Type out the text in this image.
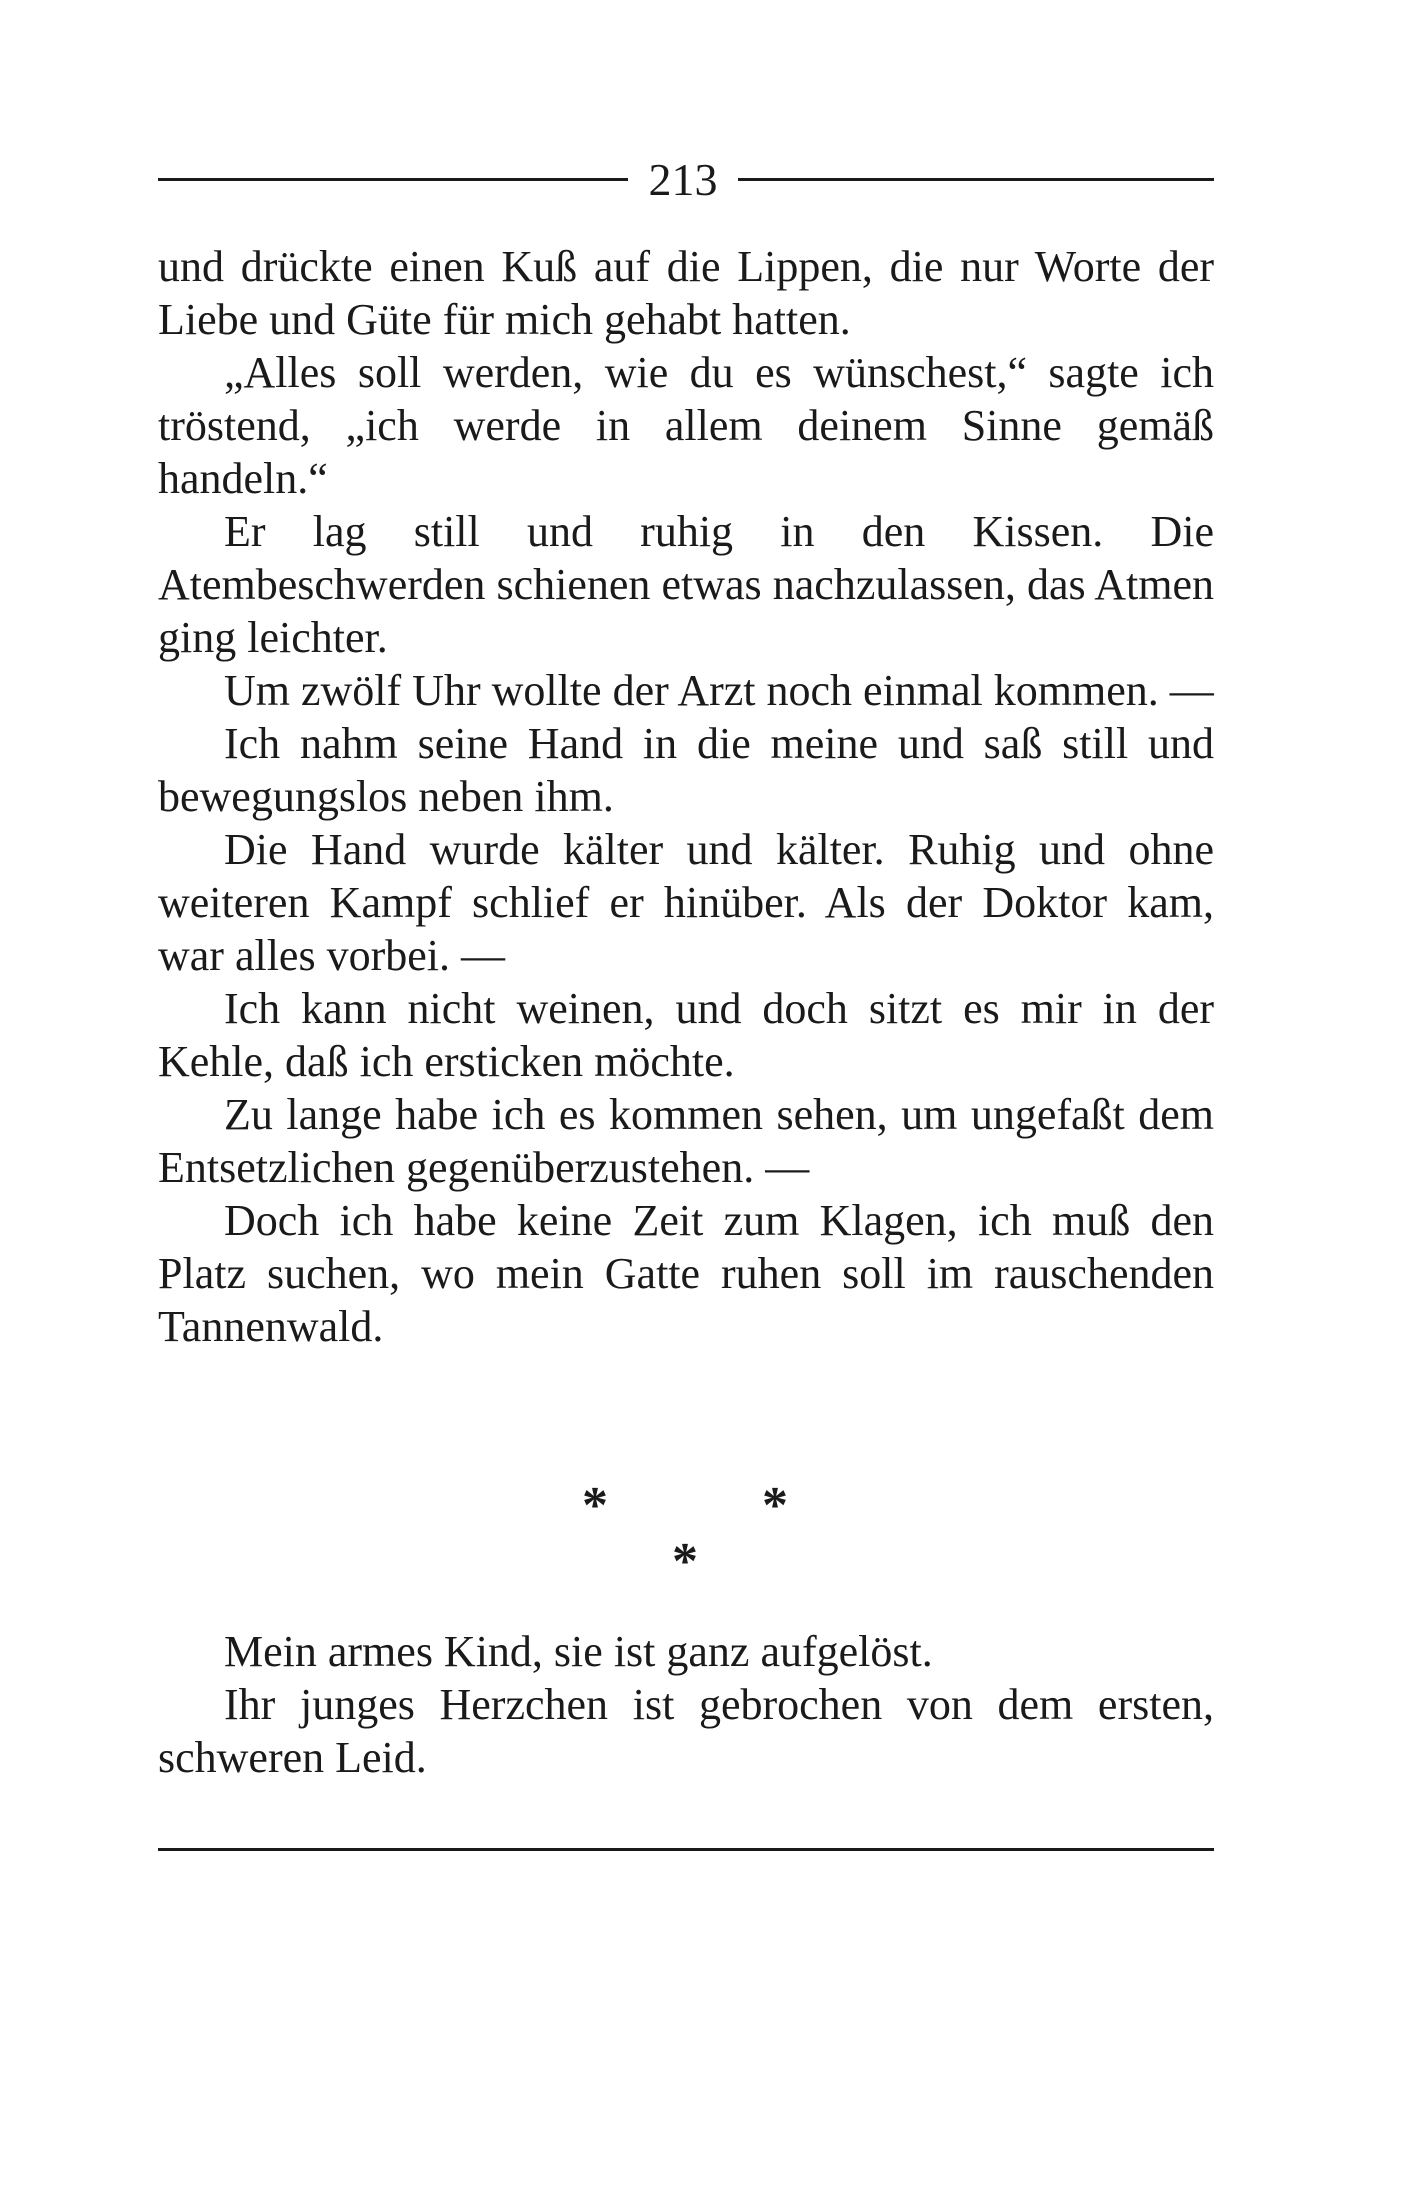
213

und drückte einen Kuß auf die Lippen, die nur Worte der Liebe und Güte für mich gehabt hatten.

„Alles soll werden, wie du es wünschest,“ sagte ich tröstend, „ich werde in allem deinem Sinne gemäß handeln.“

Er lag still und ruhig in den Kissen. Die Atembeschwerden schienen etwas nachzulassen, das Atmen ging leichter.

Um zwölf Uhr wollte der Arzt noch einmal kommen. —

Ich nahm seine Hand in die meine und saß still und bewegungslos neben ihm.

Die Hand wurde kälter und kälter. Ruhig und ohne weiteren Kampf schlief er hinüber. Als der Doktor kam, war alles vorbei. —

Ich kann nicht weinen, und doch sitzt es mir in der Kehle, daß ich ersticken möchte.

Zu lange habe ich es kommen sehen, um ungefaßt dem Entsetzlichen gegenüberzustehen. —

Doch ich habe keine Zeit zum Klagen, ich muß den Platz suchen, wo mein Gatte ruhen soll im rauschenden Tannenwald.

*	*
*

Mein armes Kind, sie ist ganz aufgelöst.

Ihr junges Herzchen ist gebrochen von dem ersten, schweren Leid.
